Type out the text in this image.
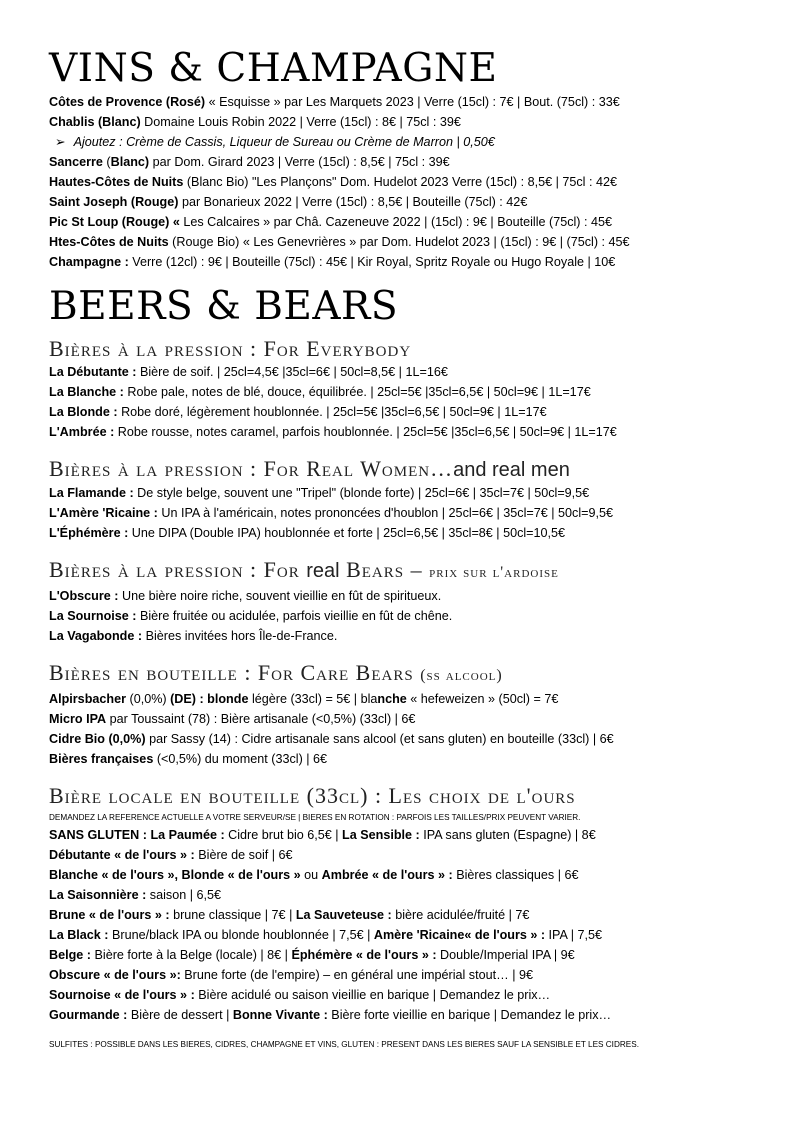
VINS & CHAMPAGNE
Côtes de Provence (Rosé) « Esquisse » par Les Marquets 2023 | Verre (15cl) : 7€ | Bout. (75cl) : 33€
Chablis (Blanc) Domaine Louis Robin 2022 | Verre (15cl) : 8€ | 75cl : 39€
➢ Ajoutez : Crème de Cassis, Liqueur de Sureau ou Crème de Marron | 0,50€
Sancerre (Blanc) par Dom. Girard 2023 | Verre (15cl) : 8,5€ | 75cl : 39€
Hautes-Côtes de Nuits (Blanc Bio) "Les Plançons" Dom. Hudelot 2023 Verre (15cl) : 8,5€ | 75cl : 42€
Saint Joseph (Rouge) par Bonarieux 2022 | Verre (15cl) : 8,5€ | Bouteille (75cl) : 42€
Pic St Loup (Rouge) « Les Calcaires » par Châ. Cazeneuve 2022 | (15cl) : 9€ | Bouteille (75cl) : 45€
Htes-Côtes de Nuits (Rouge Bio) « Les Genevrières » par Dom. Hudelot 2023 | (15cl) : 9€ | (75cl) : 45€
Champagne : Verre (12cl) : 9€ | Bouteille (75cl) : 45€ | Kir Royal, Spritz Royale ou Hugo Royale | 10€
BEERS & BEARS
Bières à la pression : For Everybody
La Débutante : Bière de soif. | 25cl=4,5€ |35cl=6€ | 50cl=8,5€ | 1L=16€
La Blanche : Robe pale, notes de blé, douce, équilibrée. | 25cl=5€ |35cl=6,5€ | 50cl=9€ | 1L=17€
La Blonde : Robe doré, légèrement houblonnée. | 25cl=5€ |35cl=6,5€ | 50cl=9€ | 1L=17€
L'Ambrée : Robe rousse, notes caramel, parfois houblonnée. | 25cl=5€ |35cl=6,5€ | 50cl=9€ | 1L=17€
Bières à la pression : For Real Women…and real men
La Flamande : De style belge, souvent une "Tripel" (blonde forte) | 25cl=6€ | 35cl=7€ | 50cl=9,5€
L'Amère 'Ricaine : Un IPA à l'américain, notes prononcées d'houblon | 25cl=6€ | 35cl=7€ | 50cl=9,5€
L'Éphémère : Une DIPA (Double IPA) houblonnée et forte | 25cl=6,5€ | 35cl=8€ | 50cl=10,5€
Bières à la pression : For real Bears – prix sur l'ardoise
L'Obscure : Une bière noire riche, souvent vieillie en fût de spiritueux.
La Sournoise : Bière fruitée ou acidulée, parfois vieillie en fût de chêne.
La Vagabonde : Bières invitées hors Île-de-France.
Bières en bouteille : For Care Bears (ss alcool)
Alpirsbacher (0,0%) (DE) : blonde légère (33cl) = 5€ | blanche « hefeweizen » (50cl) = 7€
Micro IPA par Toussaint (78) : Bière artisanale (<0,5%) (33cl) | 6€
Cidre Bio (0,0%) par Sassy (14) : Cidre artisanale sans alcool (et sans gluten) en bouteille (33cl) | 6€
Bières françaises (<0,5%) du moment (33cl) | 6€
Bière locale en bouteille (33cl) : Les choix de l'ours
DEMANDEZ LA REFERENCE ACTUELLE A VOTRE SERVEUR/SE | BIERES EN ROTATION : PARFOIS LES TAILLES/PRIX PEUVENT VARIER.
SANS GLUTEN : La Paumée : Cidre brut bio 6,5€ | La Sensible : IPA sans gluten (Espagne) | 8€
Débutante « de l'ours » : Bière de soif | 6€
Blanche « de l'ours », Blonde « de l'ours » ou Ambrée « de l'ours » : Bières classiques | 6€
La Saisonnière : saison | 6,5€
Brune « de l'ours » : brune classique | 7€ | La Sauveteuse : bière acidulée/fruité | 7€
La Black : Brune/black IPA ou blonde houblonnée | 7,5€ | Amère 'Ricaine« de l'ours » : IPA | 7,5€
Belge : Bière forte à la Belge (locale) | 8€ | Éphémère « de l'ours » : Double/Imperial IPA | 9€
Obscure « de l'ours »: Brune forte (de l'empire) – en général une impérial stout… | 9€
Sournoise « de l'ours » : Bière acidulé ou saison vieillie en barique | Demandez le prix…
Gourmande : Bière de dessert | Bonne Vivante : Bière forte vieillie en barique | Demandez le prix…
SULFITES : POSSIBLE DANS LES BIERES, CIDRES, CHAMPAGNE ET VINS, GLUTEN : PRESENT DANS LES BIERES SAUF LA SENSIBLE ET LES CIDRES.
